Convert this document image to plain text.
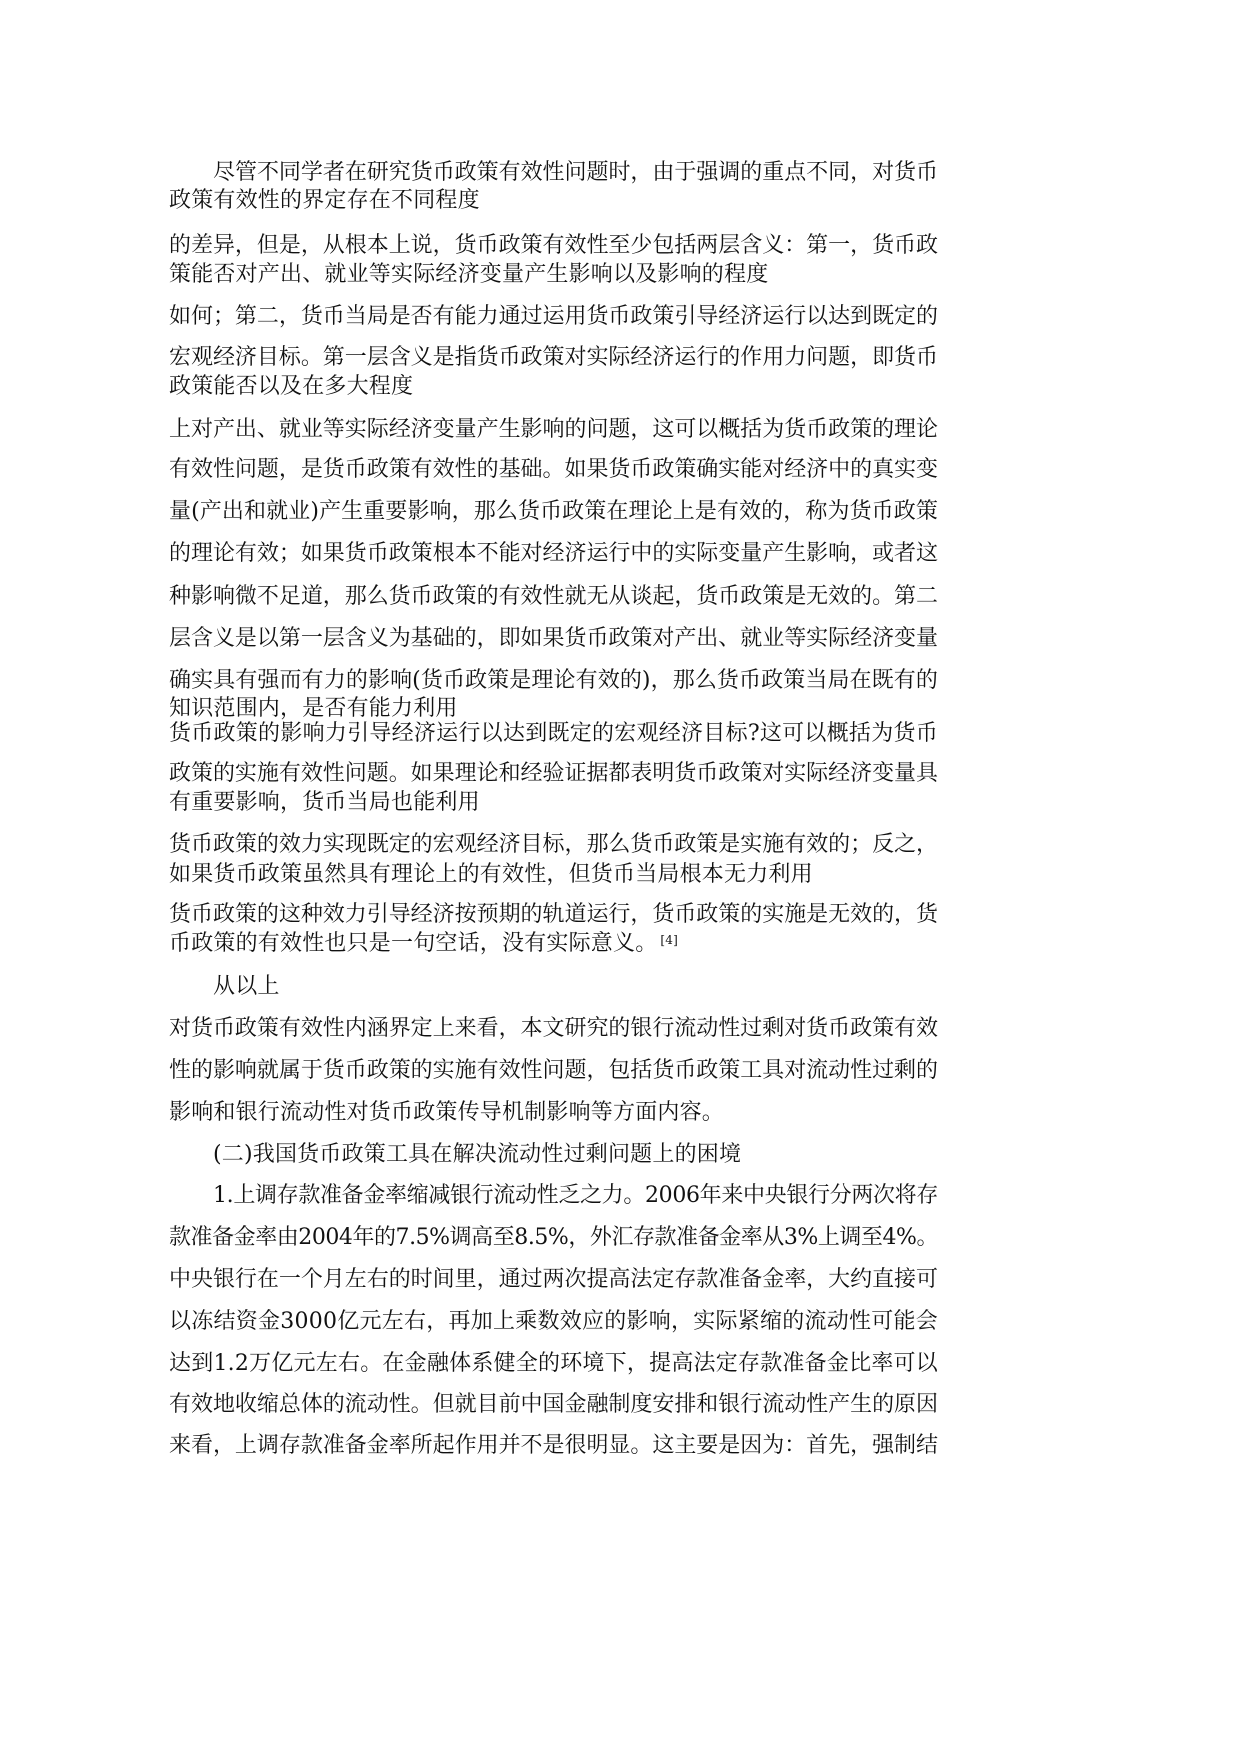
尽管不同学者在研究货币政策有效性问题时，由于强调的重点不同，对货币
政策有效性的界定存在不同程度
的差异，但是，从根本上说，货币政策有效性至少包括两层含义：第一，货币政
策能否对产出、就业等实际经济变量产生影响以及影响的程度
如何；第二，货币当局是否有能力通过运用货币政策引导经济运行以达到既定的
宏观经济目标。第一层含义是指货币政策对实际经济运行的作用力问题，即货币
政策能否以及在多大程度
上对产出、就业等实际经济变量产生影响的问题，这可以概括为货币政策的理论
有效性问题，是货币政策有效性的基础。如果货币政策确实能对经济中的真实变
量(产出和就业)产生重要影响，那么货币政策在理论上是有效的，称为货币政策
的理论有效；如果货币政策根本不能对经济运行中的实际变量产生影响，或者这
种影响微不足道，那么货币政策的有效性就无从谈起，货币政策是无效的。第二
层含义是以第一层含义为基础的，即如果货币政策对产出、就业等实际经济变量
确实具有强而有力的影响(货币政策是理论有效的)，那么货币政策当局在既有的
知识范围内，是否有能力利用
货币政策的影响力引导经济运行以达到既定的宏观经济目标?这可以概括为货币
政策的实施有效性问题。如果理论和经验证据都表明货币政策对实际经济变量具
有重要影响，货币当局也能利用
货币政策的效力实现既定的宏观经济目标，那么货币政策是实施有效的；反之，
如果货币政策虽然具有理论上的有效性，但货币当局根本无力利用
货币政策的这种效力引导经济按预期的轨道运行，货币政策的实施是无效的，货
币政策的有效性也只是一句空话，没有实际意义。 [4]
从以上
对货币政策有效性内涵界定上来看，本文研究的银行流动性过剩对货币政策有效
性的影响就属于货币政策的实施有效性问题，包括货币政策工具对流动性过剩的
影响和银行流动性对货币政策传导机制影响等方面内容。
(二)我国货币政策工具在解决流动性过剩问题上的困境
1.上调存款准备金率缩减银行流动性乏之力。2006年来中央银行分两次将存
款准备金率由2004年的7.5%调高至8.5%，外汇存款准备金率从3%上调至4%。
中央银行在一个月左右的时间里，通过两次提高法定存款准备金率，大约直接可
以冻结资金3000亿元左右，再加上乘数效应的影响，实际紧缩的流动性可能会
达到1.2万亿元左右。在金融体系健全的环境下，提高法定存款准备金比率可以
有效地收缩总体的流动性。但就目前中国金融制度安排和银行流动性产生的原因
来看，上调存款准备金率所起作用并不是很明显。这主要是因为：首先，强制结
